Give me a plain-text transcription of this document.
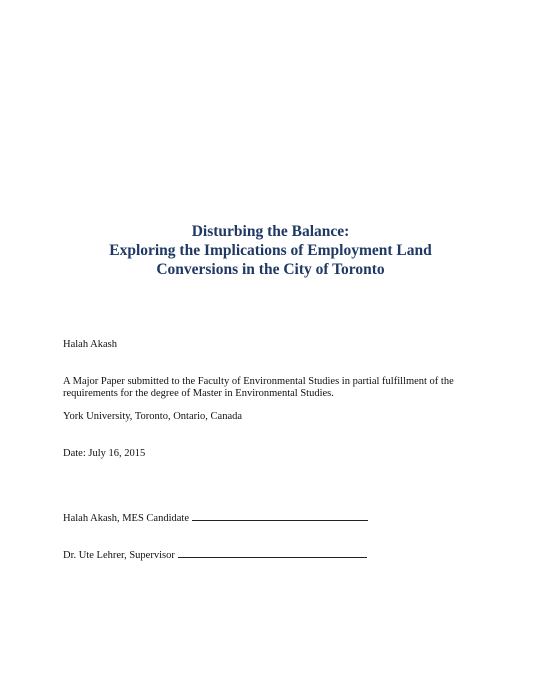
Disturbing the Balance:
Exploring the Implications of Employment Land
Conversions in the City of Toronto
Halah Akash
A Major Paper submitted to the Faculty of Environmental Studies in partial fulfillment of the
requirements for the degree of Master in Environmental Studies.
York University, Toronto, Ontario, Canada
Date: July 16, 2015
Halah Akash, MES Candidate
Dr. Ute Lehrer, Supervisor
